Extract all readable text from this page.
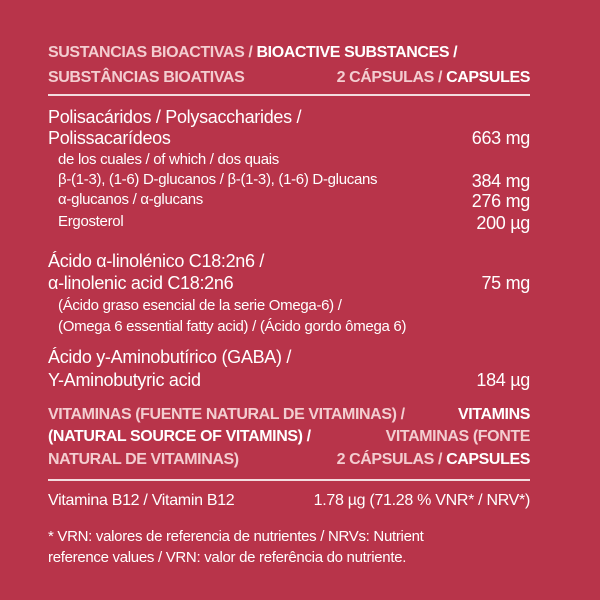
SUSTANCIAS BIOACTIVAS / BIOACTIVE SUBSTANCES /
SUBSTÂNCIAS BIOATIVAS	2 CÁPSULAS / CAPSULES
Polisacáridos / Polysaccharides /
Polissacarídeos	663 mg
de los cuales / of which / dos quais
β-(1-3), (1-6) D-glucanos / β-(1-3), (1-6) D-glucans	384 mg
α-glucanos / α-glucans	276 mg
Ergosterol	200 µg
Ácido α-linolénico C18:2n6 /
α-linolenic acid C18:2n6	75 mg
(Ácido graso esencial de la serie Omega-6) /
(Omega 6 essential fatty acid) / (Ácido gordo ômega 6)
Ácido y-Aminobutírico (GABA) /
Y-Aminobutyric acid	184 µg
VITAMINAS (FUENTE NATURAL DE VITAMINAS) /	VITAMINS
(NATURAL SOURCE OF VITAMINS) /	VITAMINAS (FONTE
NATURAL DE VITAMINAS)	2 CÁPSULAS / CAPSULES
Vitamina B12 / Vitamin B12	1.78 µg (71.28 % VNR* / NRV*)
* VRN: valores de referencia de nutrientes / NRVs: Nutrient
reference values / VRN: valor de referência do nutriente.
